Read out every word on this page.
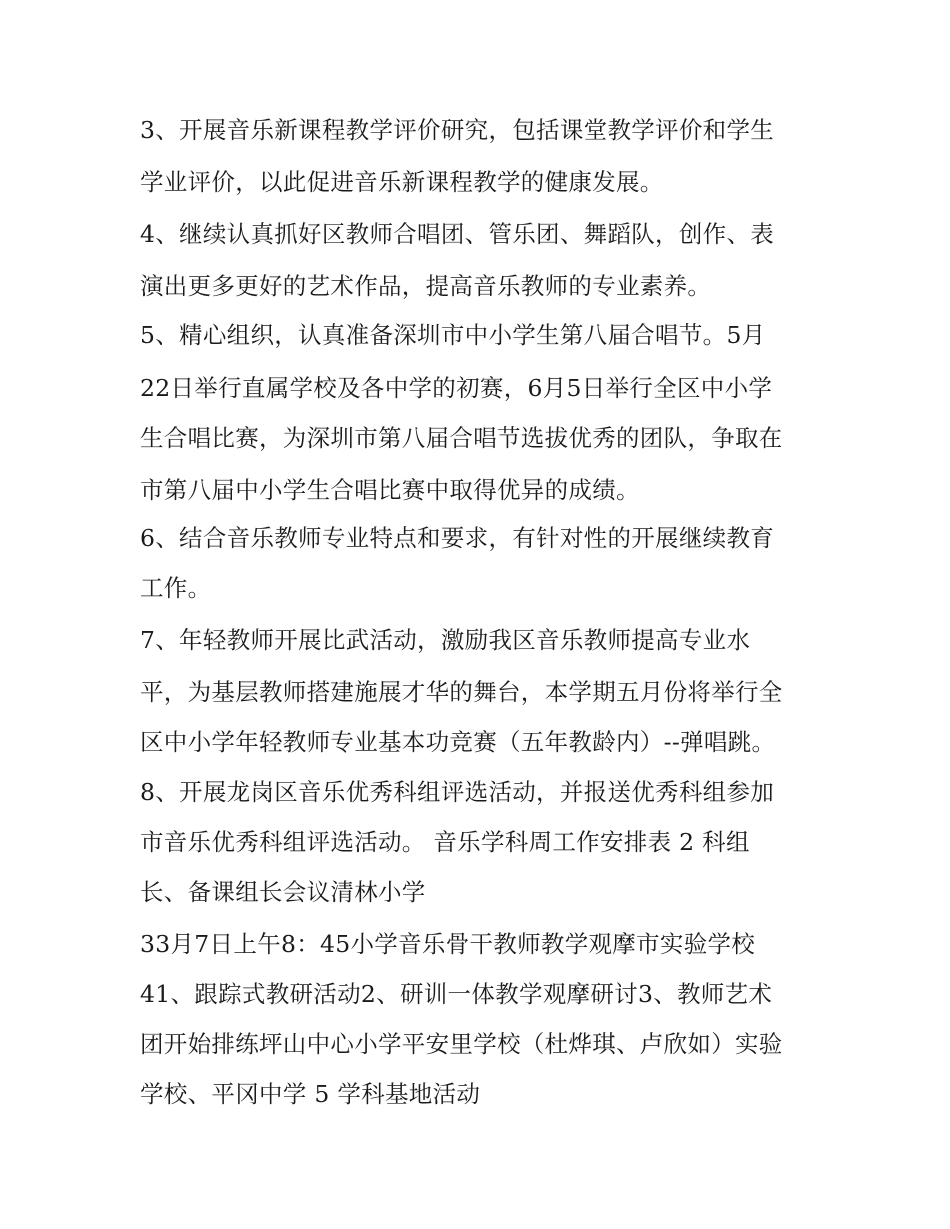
3、开展音乐新课程教学评价研究，包括课堂教学评价和学生
学业评价，以此促进音乐新课程教学的健康发展。
4、继续认真抓好区教师合唱团、管乐团、舞蹈队，创作、表
演出更多更好的艺术作品，提高音乐教师的专业素养。
5、精心组织，认真准备深圳市中小学生第八届合唱节。5月
22日举行直属学校及各中学的初赛，6月5日举行全区中小学
生合唱比赛，为深圳市第八届合唱节选拔优秀的团队，争取在
市第八届中小学生合唱比赛中取得优异的成绩。
6、结合音乐教师专业特点和要求，有针对性的开展继续教育
工作。
7、年轻教师开展比武活动，激励我区音乐教师提高专业水
平，为基层教师搭建施展才华的舞台，本学期五月份将举行全
区中小学年轻教师专业基本功竞赛（五年教龄内）--弹唱跳。
8、开展龙岗区音乐优秀科组评选活动，并报送优秀科组参加
市音乐优秀科组评选活动。 音乐学科周工作安排表 2 科组
长、备课组长会议清林小学
33月7日上午8：45小学音乐骨干教师教学观摩市实验学校
41、跟踪式教研活动2、研训一体教学观摩研讨3、教师艺术
团开始排练坪山中心小学平安里学校（杜烨琪、卢欣如）实验
学校、平冈中学 5 学科基地活动
